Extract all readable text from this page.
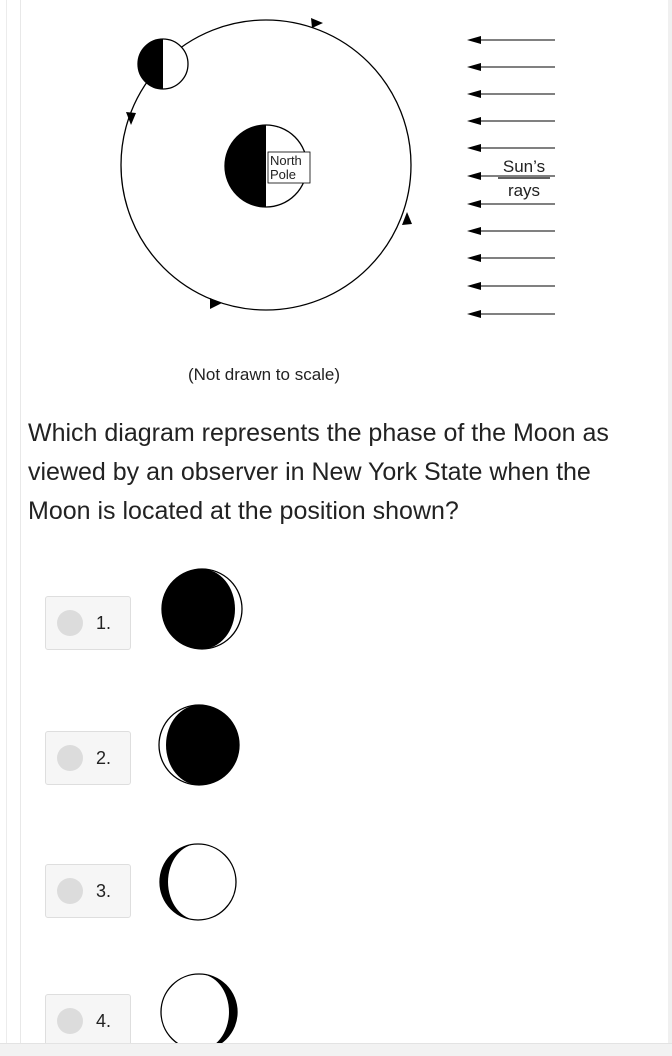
North
Pole	Sun’s
rays
(Not drawn to scale)

Which diagram represents the phase of the Moon as viewed by an observer in New York State when the Moon is located at the position shown?

1.
2.
3.
4.
